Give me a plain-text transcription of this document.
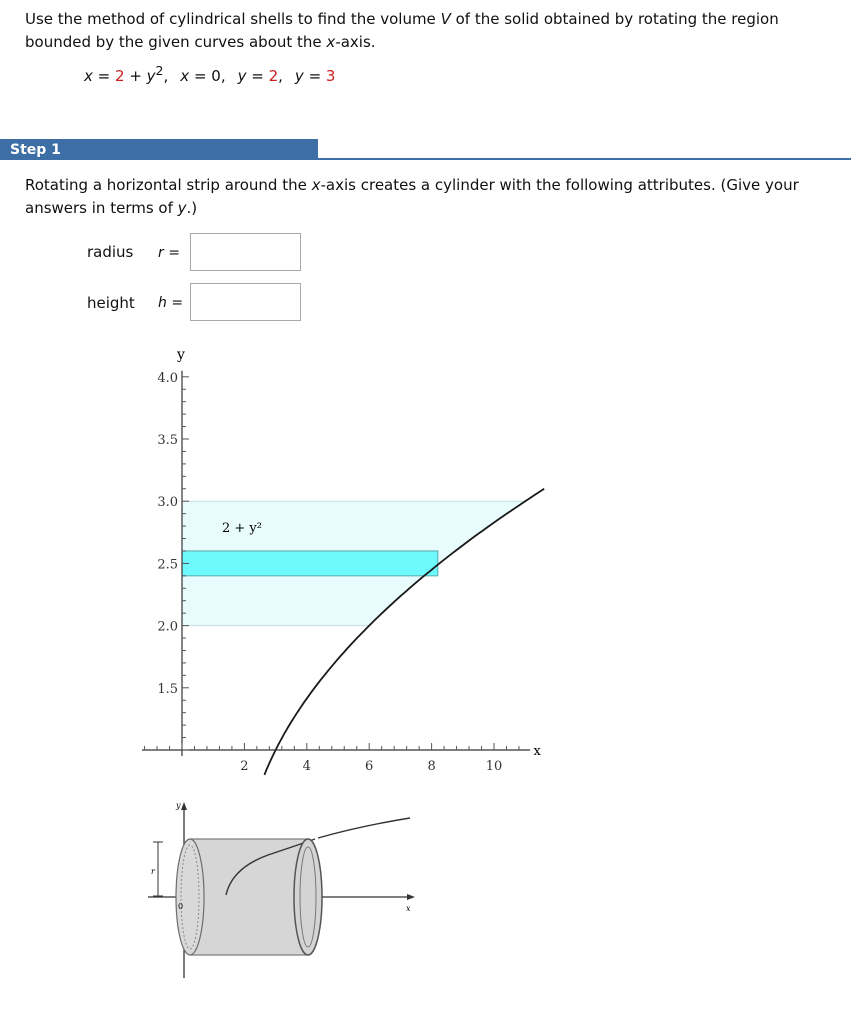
Use the method of cylindrical shells to find the volume V of the solid obtained by rotating the region bounded by the given curves about the x-axis.
$x = 2 + y^2$, x = 0, y = 2, y = 3
Step 1
Rotating a horizontal strip around the x-axis creates a cylinder with the following attributes. (Give your answers in terms of y.)
radius r =
height h =
1.5
2.0
2.5
3.0
3.5
4.0
2	4	6	8	10
y
x
2 + y²
y
x
r
0
